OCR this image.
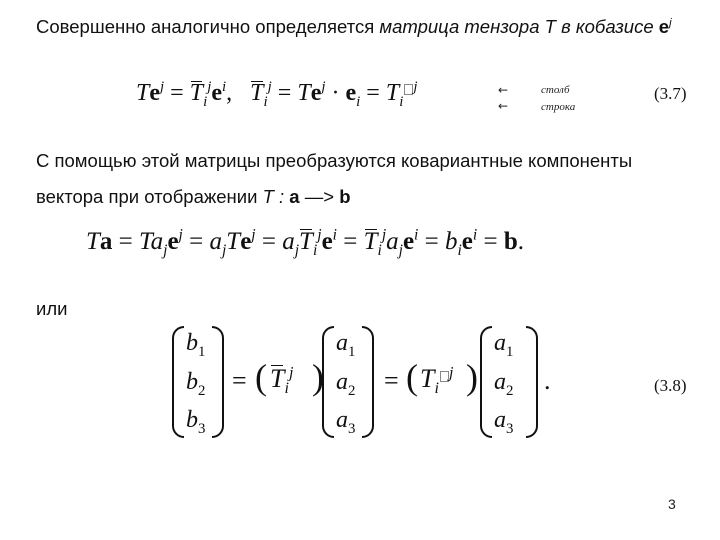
Совершенно аналогично определяется матрица тензора T в кобазисе $e^j$
$Te^j = T_i^je^i$,   $T_i^j = Te^j \cdot e_i = T_i^j$	←	столб
←	строка
(3.7)
С помощью этой матрицы преобразуются ковариантные компоненты
вектора при отображении T : a —> b
$Ta = Ta_je^j = a_jTe^j = a_jT_i^je^i = T_i^ja_je^i = b_ie^i = b$.
или
$b_1$
$b_2$
$b_3$
= ( $T_i^j$ )
$a_1$
$a_2$
$a_3$
= ( $T_i^j$ )
$a_1$
$a_2$
$a_3$
.	(3.8)
3
